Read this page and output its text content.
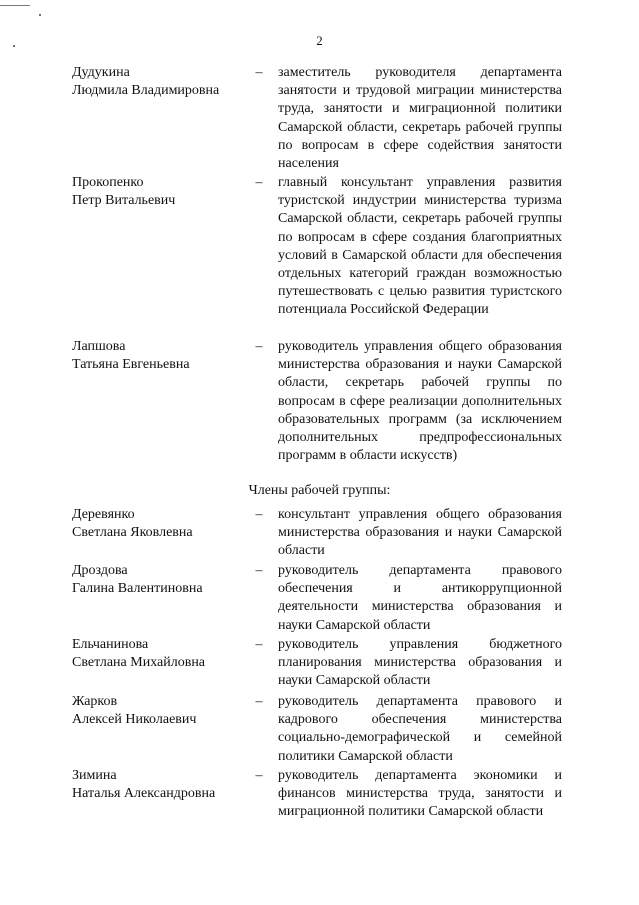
2
Дудукина
Людмила Владимировна
– заместитель руководителя департамента занятости и трудовой миграции министерства труда, занятости и миграционной политики Самарской области, секретарь рабочей группы по вопросам в сфере содействия занятости населения
Прокопенко
Петр Витальевич
– главный консультант управления развития туристской индустрии министерства туризма Самарской области, секретарь рабочей группы по вопросам в сфере создания благоприятных условий в Самарской области для обеспечения отдельных категорий граждан возможностью путешествовать с целью развития туристского потенциала Российской Федерации
Лапшова
Татьяна Евгеньевна
– руководитель управления общего образования министерства образования и науки Самарской области, секретарь рабочей группы по вопросам в сфере реализации дополнительных образовательных программ (за исключением дополнительных предпрофессиональных программ в области искусств)
Члены рабочей группы:
Деревянко
Светлана Яковлевна
– консультант управления общего образования министерства образования и науки Самарской области
Дроздова
Галина Валентиновна
– руководитель департамента правового обеспечения и антикоррупционной деятельности министерства образования и науки Самарской области
Ельчанинова
Светлана Михайловна
– руководитель управления бюджетного планирования министерства образования и науки Самарской области
Жарков
Алексей Николаевич
– руководитель департамента правового и кадрового обеспечения министерства социально-демографической и семейной политики Самарской области
Зимина
Наталья Александровна
– руководитель департамента экономики и финансов министерства труда, занятости и миграционной политики Самарской области
